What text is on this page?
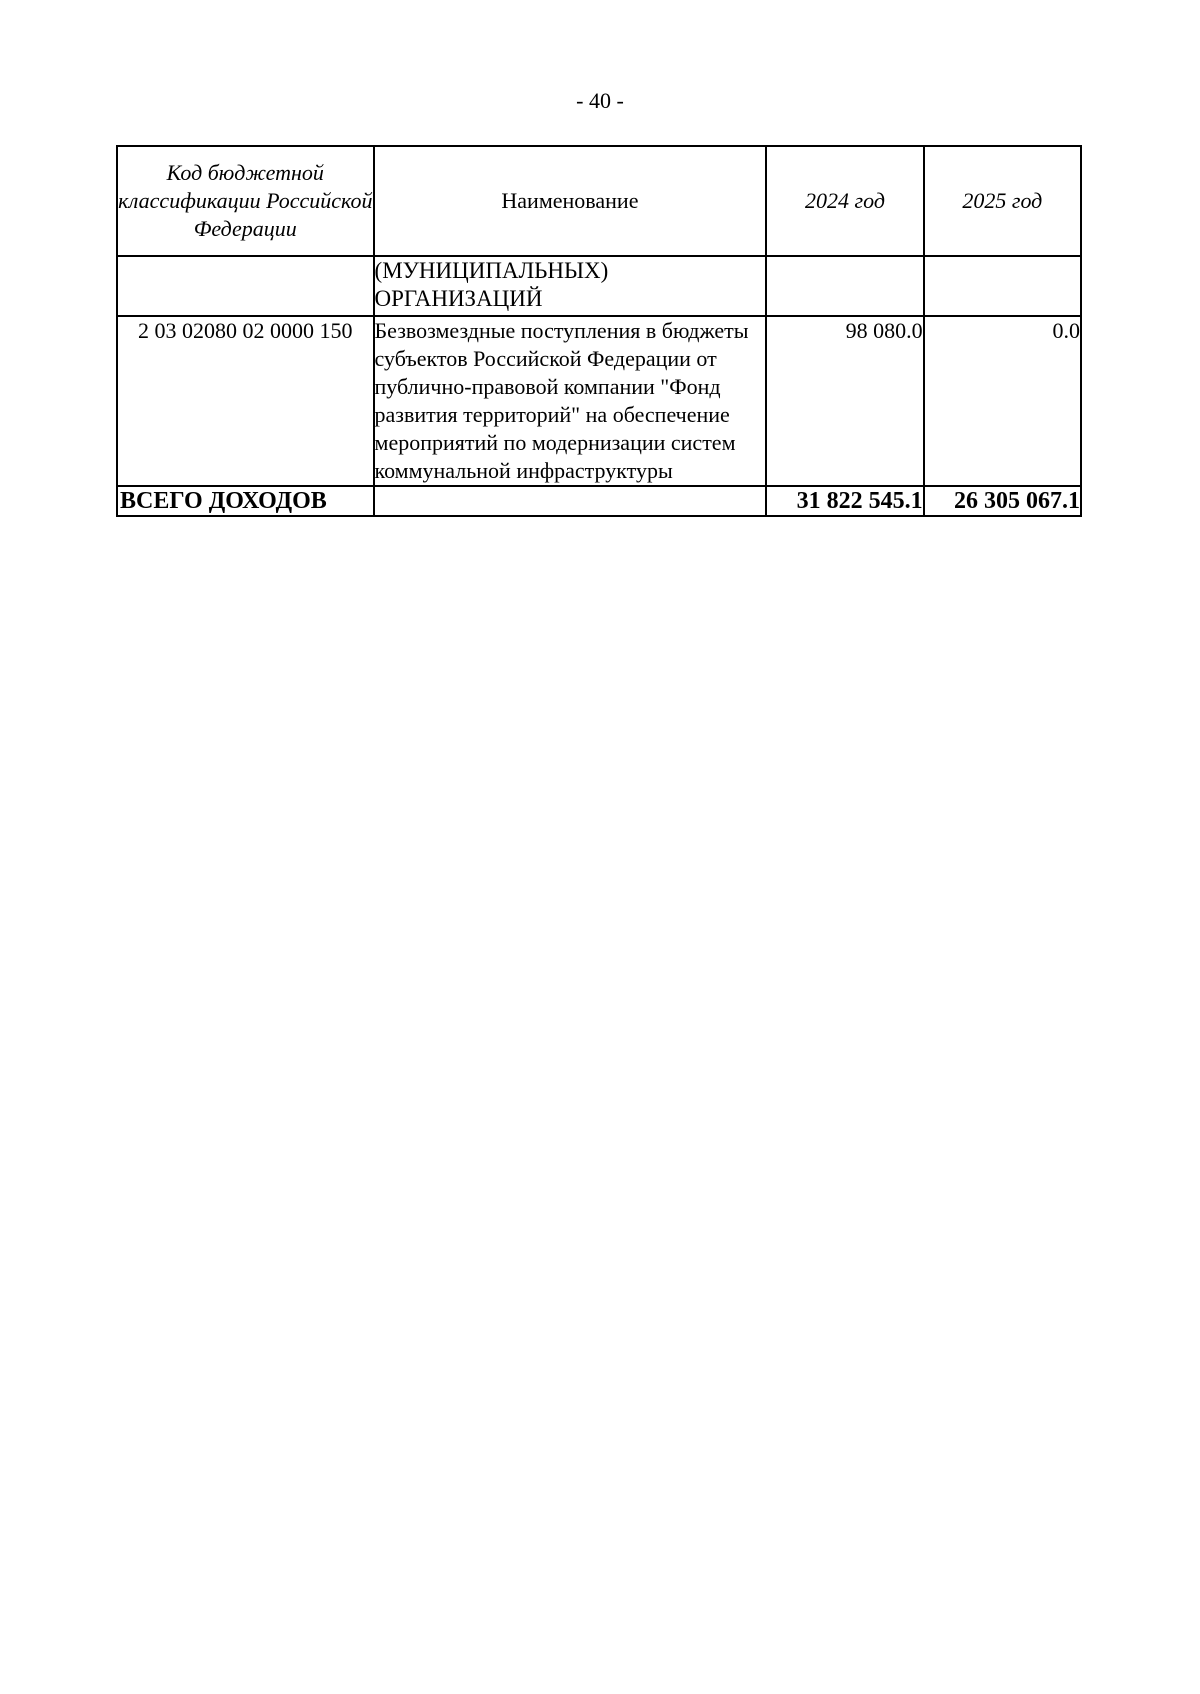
- 40 -
Код бюджетной классификации Российской Федерации	Наименование	2024 год	2025 год
	(МУНИЦИПАЛЬНЫХ) ОРГАНИЗАЦИЙ		
2 03 02080 02 0000 150	Безвозмездные поступления в бюджеты субъектов Российской Федерации от публично-правовой компании "Фонд развития территорий" на обеспечение мероприятий по модернизации систем коммунальной инфраструктуры	98 080.0	0.0
ВСЕГО ДОХОДОВ		31 822 545.1	26 305 067.1
